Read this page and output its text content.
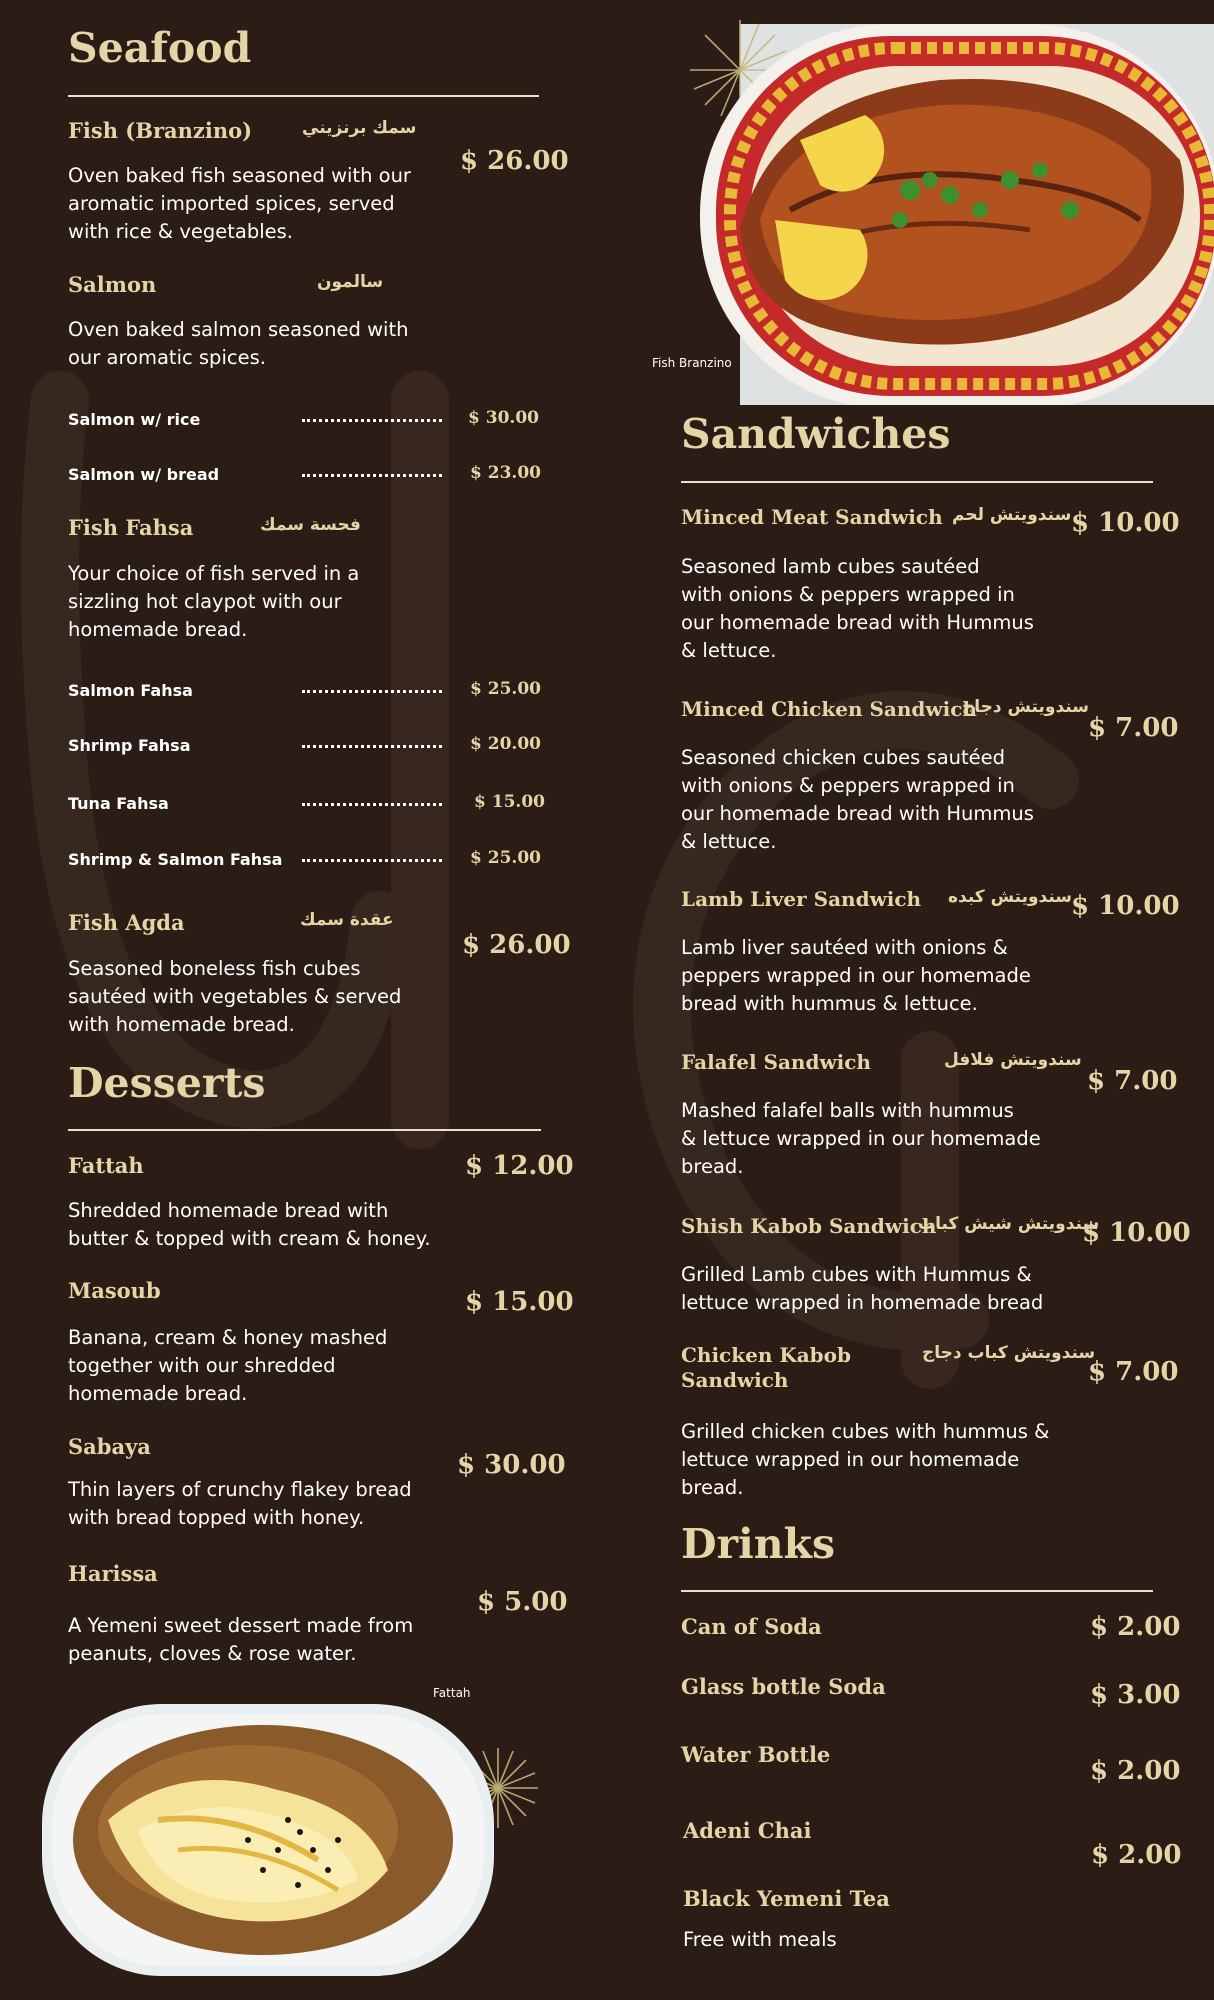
Seafood
Fish (Branzino)	سمك برنزيني
$ 26.00
Oven baked fish seasoned with our
aromatic imported spices, served
with rice & vegetables.
Salmon	سالمون
Oven baked salmon seasoned with
our aromatic spices.
Salmon w/ rice	$ 30.00
Salmon w/ bread	$ 23.00
Fish Fahsa	فحسة سمك
Your choice of fish served in a
sizzling hot claypot with our
homemade bread.
Salmon Fahsa	$ 25.00
Shrimp Fahsa	$ 20.00
Tuna Fahsa	$ 15.00
Shrimp & Salmon Fahsa	$ 25.00
Fish Agda	عقدة سمك
$ 26.00
Seasoned boneless fish cubes
sautéed with vegetables & served
with homemade bread.
Desserts
Fattah	$ 12.00
Shredded homemade bread with
butter & topped with cream & honey.
Masoub	$ 15.00
Banana, cream & honey mashed
together with our shredded
homemade bread.
Sabaya
$ 30.00
Thin layers of crunchy flakey bread
with bread topped with honey.
Harissa
$ 5.00
A Yemeni sweet dessert made from
peanuts, cloves & rose water.
Fattah
Fish Branzino
Sandwiches
Minced Meat Sandwich سندويتش لحم $ 10.00
Seasoned lamb cubes sautéed
with onions & peppers wrapped in
our homemade bread with Hummus
& lettuce.
Minced Chicken Sandwich
سندويتش دجاج
$ 7.00
Seasoned chicken cubes sautéed
with onions & peppers wrapped in
our homemade bread with Hummus
& lettuce.
Lamb Liver Sandwich سندويتش كبده $ 10.00
Lamb liver sautéed with onions &
peppers wrapped in our homemade
bread with hummus & lettuce.
Falafel Sandwich	سندويتش فلافل
$ 7.00
Mashed falafel balls with hummus
& lettuce wrapped in our homemade
bread.
Shish Kabob Sandwich
سندويتش شيش كباب
$ 10.00
Grilled Lamb cubes with Hummus &
lettuce wrapped in homemade bread
Chicken Kabob
Sandwich
سندويتش كباب دجاج
$ 7.00
Grilled chicken cubes with hummus &
lettuce wrapped in our homemade
bread.
Drinks
Can of Soda	$ 2.00
Glass bottle Soda	$ 3.00
Water Bottle
$ 2.00
Adeni Chai
$ 2.00
Black Yemeni Tea
Free with meals
